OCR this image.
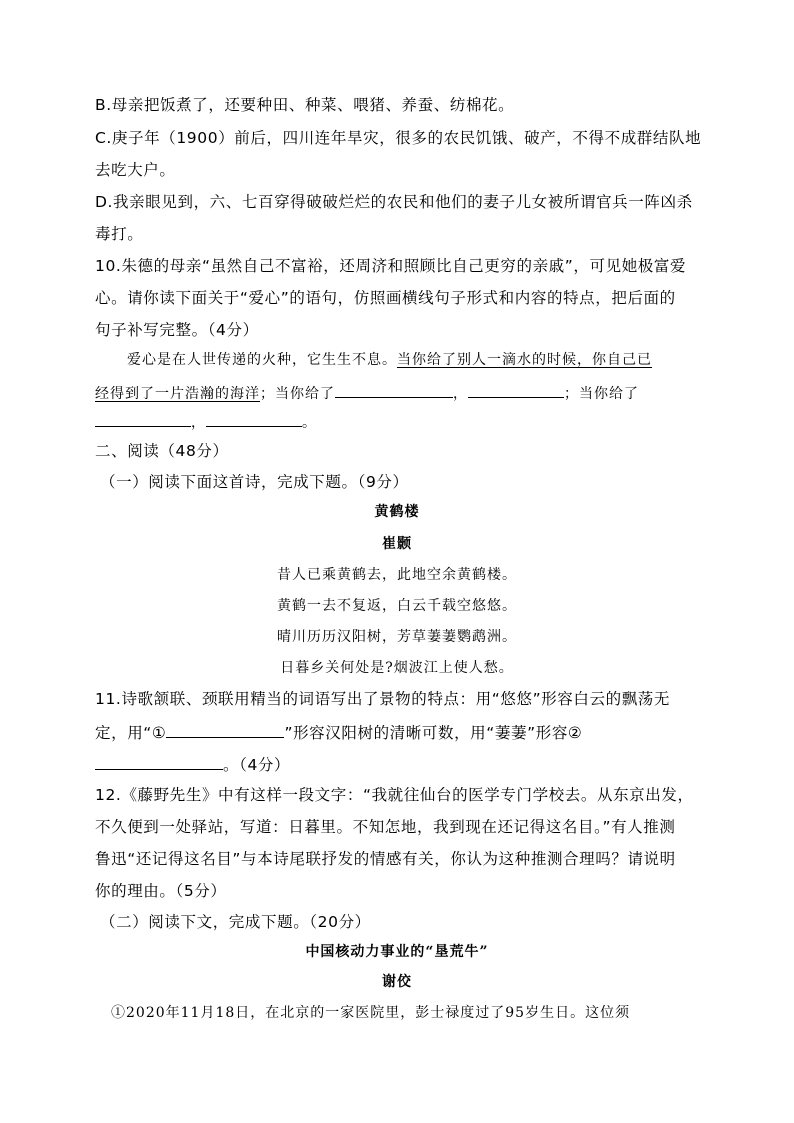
B.母亲把饭煮了，还要种田、种菜、喂猪、养蚕、纺棉花。
C.庚子年（1900）前后，四川连年旱灾，很多的农民饥饿、破产，不得不成群结队地
去吃大户。
D.我亲眼见到，六、七百穿得破破烂烂的农民和他们的妻子儿女被所谓官兵一阵凶杀
毒打。
10.朱德的母亲“虽然自己不富裕，还周济和照顾比自己更穷的亲戚”，可见她极富爱
心。请你读下面关于“爱心”的语句，仿照画横线句子形式和内容的特点，把后面的
句子补写完整。（4分）
爱心是在人世传递的火种，它生生不息。当你给了别人一滴水的时候，你自己已
经得到了一片浩瀚的海洋；当你给了	，	；当你给了
，	。
二、阅读（48分）
（一）阅读下面这首诗，完成下题。（9分）
黄鹤楼
崔颢
昔人已乘黄鹤去，此地空余黄鹤楼。
黄鹤一去不复返，白云千载空悠悠。
晴川历历汉阳树，芳草萋萋鹦鹉洲。
日暮乡关何处是?烟波江上使人愁。
11.诗歌颔联、颈联用精当的词语写出了景物的特点：用“悠悠”形容白云的飘荡无
定，用“①	”形容汉阳树的清晰可数，用“萋萋”形容②
。（4分）
12.《藤野先生》中有这样一段文字：“我就往仙台的医学专门学校去。从东京出发，
不久便到一处驿站，写道：日暮里。不知怎地，我到现在还记得这名目。”有人推测
鲁迅“还记得这名目”与本诗尾联抒发的情感有关，你认为这种推测合理吗？请说明
你的理由。（5分）
（二）阅读下文，完成下题。（20分）
中国核动力事业的“垦荒牛”
谢佼
①2020年11月18日，在北京的一家医院里，彭士禄度过了95岁生日。这位须
